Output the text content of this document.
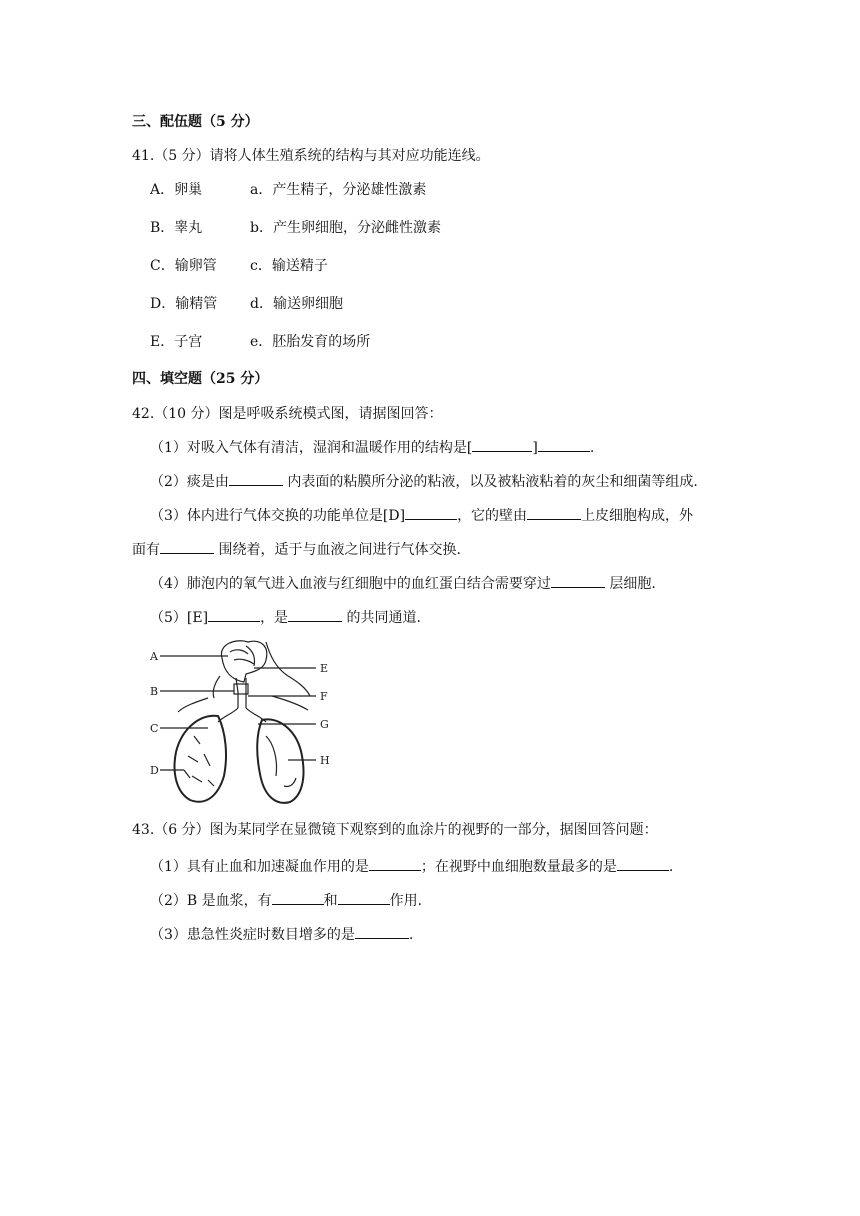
三、配伍题（5 分）
41.（5 分）请将人体生殖系统的结构与其对应功能连线。
A．卵巢	a．产生精子，分泌雄性激素
B．睾丸	b．产生卵细胞，分泌雌性激素
C．输卵管 c．输送精子
D．输精管 d．输送卵细胞
E．子宫	e．胚胎发育的场所
四、填空题（25 分）
42.（10 分）图是呼吸系统模式图，请据图回答：
（1）对吸入气体有清洁，湿润和温暖作用的结构是[	]	.
（2）痰是由	内表面的粘膜所分泌的粘液，以及被粘液粘着的灰尘和细菌等组成.
（3）体内进行气体交换的功能单位是[D]	，它的壁由	上皮细胞构成，外
面有	围绕着，适于与血液之间进行气体交换.
（4）肺泡内的氧气进入血液与红细胞中的血红蛋白结合需要穿过	层细胞.
（5）[E]	，是	的共同通道.
A
B
C
D
E
F
G
H
43.（6 分）图为某同学在显微镜下观察到的血涂片的视野的一部分，据图回答问题：
（1）具有止血和加速凝血作用的是	；在视野中血细胞数量最多的是	.
（2）B 是血浆，有	和	作用.
（3）患急性炎症时数目增多的是	.
